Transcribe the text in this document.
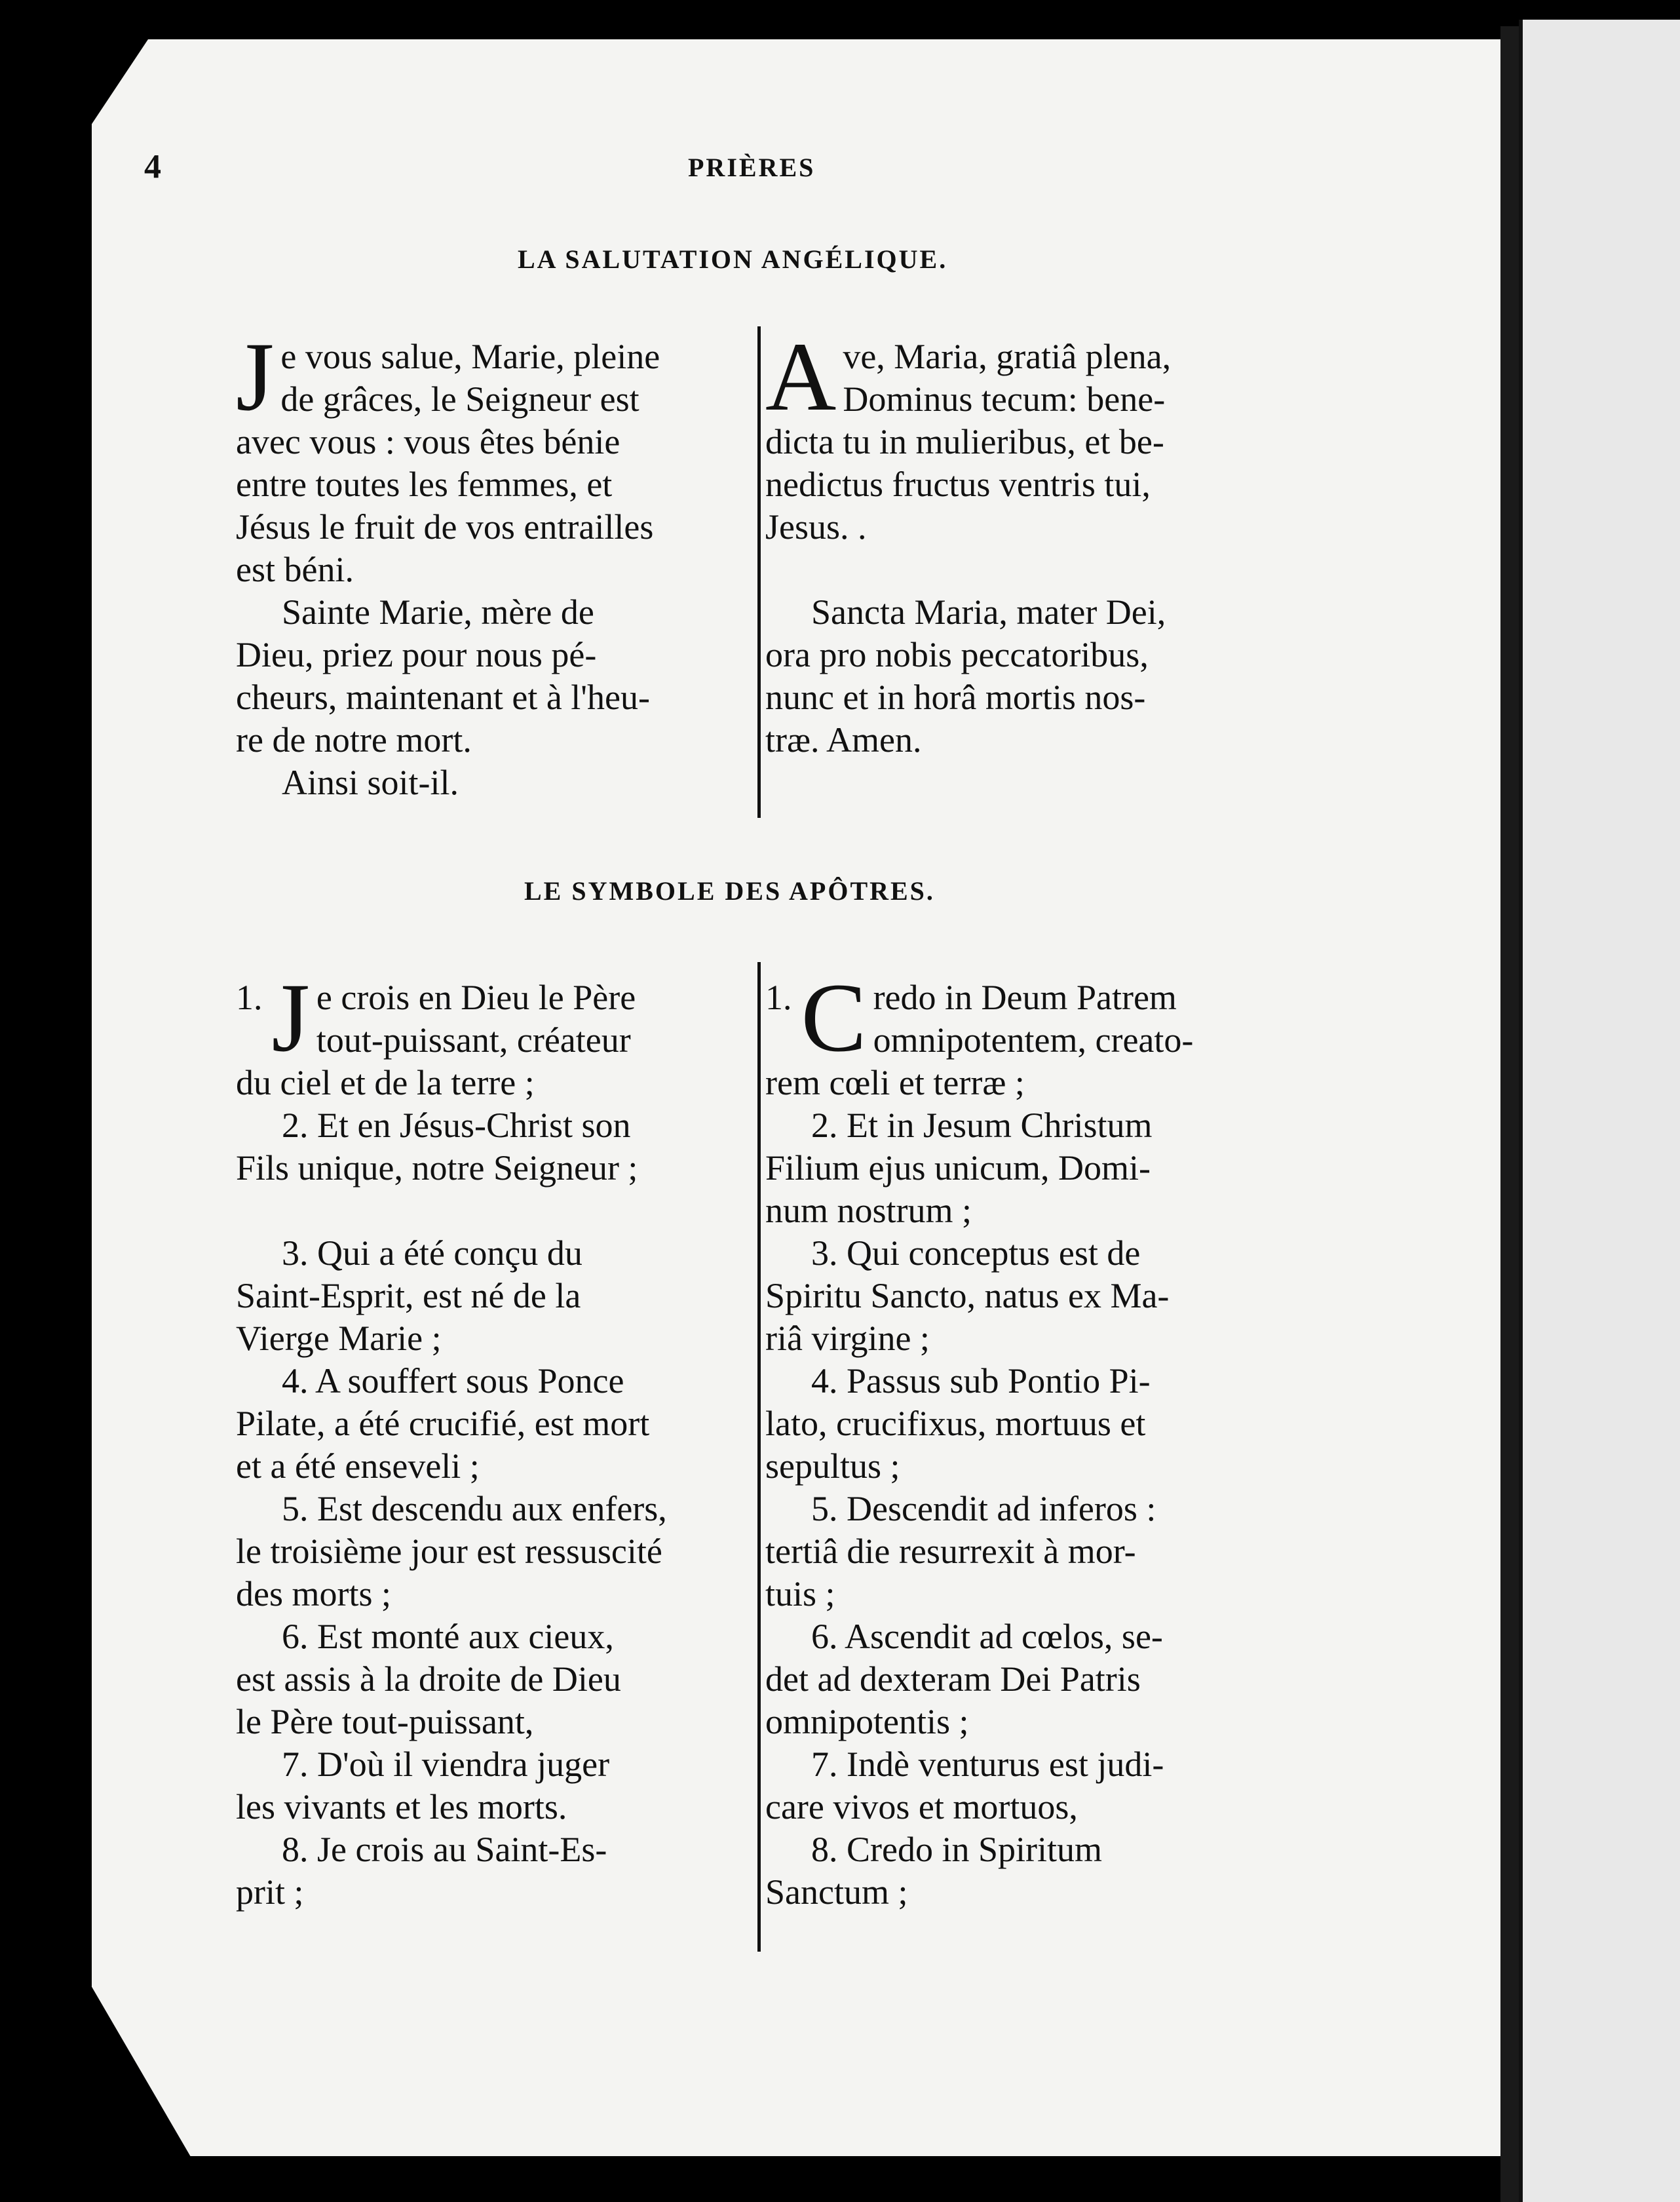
4	PRIÈRES
LA SALUTATION ANGÉLIQUE.
J e vous salue, Marie, pleine
de grâces, le Seigneur est
avec vous : vous êtes bénie
entre toutes les femmes, et
Jésus le fruit de vos entrailles
est béni.
Sainte Marie, mère de
Dieu, priez pour nous pé-
cheurs, maintenant et à l'heu-
re de notre mort.
Ainsi soit-il.
A ve, Maria, gratiâ plena,
Dominus tecum: bene-
dicta tu in mulieribus, et be-
nedictus fructus ventris tui,
Jesus. .
Sancta Maria, mater Dei,
ora pro nobis peccatoribus,
nunc et in horâ mortis nos-
træ. Amen.
LE SYMBOLE DES APÔTRES.
1. J e crois en Dieu le Père
tout-puissant, créateur
du ciel et de la terre ;
2. Et en Jésus-Christ son
Fils unique, notre Seigneur ;
3. Qui a été conçu du
Saint-Esprit, est né de la
Vierge Marie ;
4. A souffert sous Ponce
Pilate, a été crucifié, est mort
et a été enseveli ;
5. Est descendu aux enfers,
le troisième jour est ressuscité
des morts ;
6. Est monté aux cieux,
est assis à la droite de Dieu
le Père tout-puissant,
7. D'où il viendra juger
les vivants et les morts.
8. Je crois au Saint-Es-
prit ;
1. C redo in Deum Patrem
omnipotentem, creato-
rem cœli et terræ ;
2. Et in Jesum Christum
Filium ejus unicum, Domi-
num nostrum ;
3. Qui conceptus est de
Spiritu Sancto, natus ex Ma-
riâ virgine ;
4. Passus sub Pontio Pi-
lato, crucifixus, mortuus et
sepultus ;
5. Descendit ad inferos :
tertiâ die resurrexit à mor-
tuis ;
6. Ascendit ad cœlos, se-
det ad dexteram Dei Patris
omnipotentis ;
7. Indè venturus est judi-
care vivos et mortuos,
8. Credo in Spiritum
Sanctum ;
